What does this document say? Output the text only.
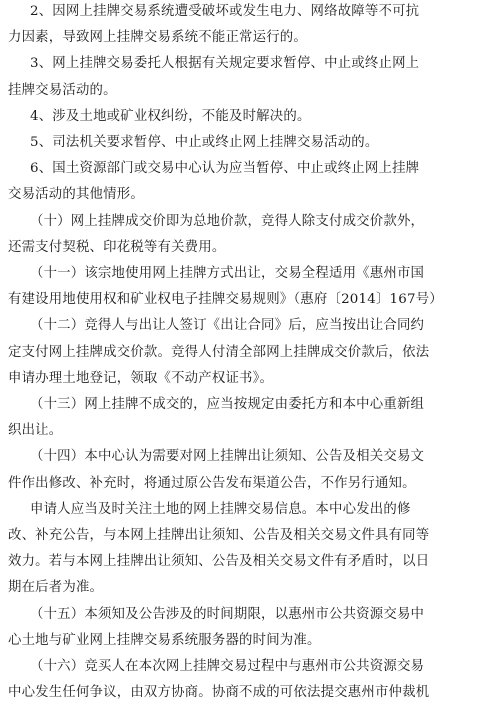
2、因网上挂牌交易系统遭受破坏或发生电力、网络故障等不可抗
力因素，导致网上挂牌交易系统不能正常运行的。
3、网上挂牌交易委托人根据有关规定要求暂停、中止或终止网上
挂牌交易活动的。
4、涉及土地或矿业权纠纷，不能及时解决的。
5、司法机关要求暂停、中止或终止网上挂牌交易活动的。
6、国土资源部门或交易中心认为应当暂停、中止或终止网上挂牌
交易活动的其他情形。
（十）网上挂牌成交价即为总地价款，竞得人除支付成交价款外，
还需支付契税、印花税等有关费用。
（十一）该宗地使用网上挂牌方式出让，交易全程适用《惠州市国
有建设用地使用权和矿业权电子挂牌交易规则》（惠府〔2014〕167号）
（十二）竞得人与出让人签订《出让合同》后，应当按出让合同约
定支付网上挂牌成交价款。竞得人付清全部网上挂牌成交价款后，依法
申请办理土地登记，领取《不动产权证书》。
（十三）网上挂牌不成交的，应当按规定由委托方和本中心重新组
织出让。
（十四）本中心认为需要对网上挂牌出让须知、公告及相关交易文
件作出修改、补充时，将通过原公告发布渠道公告，不作另行通知。
申请人应当及时关注土地的网上挂牌交易信息。本中心发出的修
改、补充公告，与本网上挂牌出让须知、公告及相关交易文件具有同等
效力。若与本网上挂牌出让须知、公告及相关交易文件有矛盾时，以日
期在后者为准。
（十五）本须知及公告涉及的时间期限，以惠州市公共资源交易中
心土地与矿业网上挂牌交易系统服务器的时间为准。
（十六）竞买人在本次网上挂牌交易过程中与惠州市公共资源交易
中心发生任何争议，由双方协商。协商不成的可依法提交惠州市仲裁机
